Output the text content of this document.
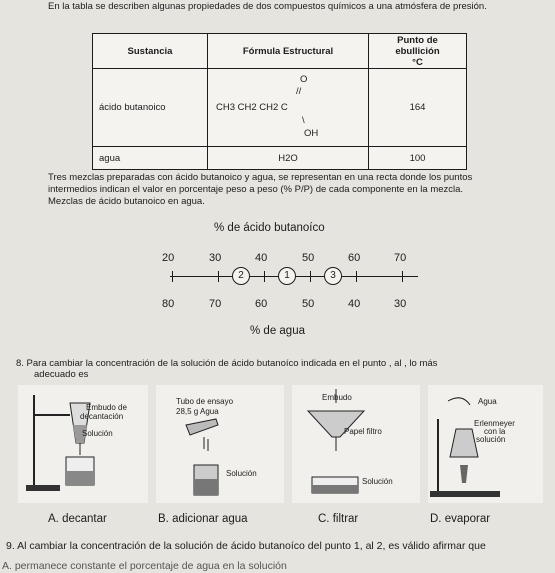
En la tabla se describen algunas propiedades de dos compuestos químicos a una atmósfera de presión.
Sustancia	Fórmula Estructural	Punto de ebullición
°C
ácido butanoico	O
//
CH3 CH2 CH2 C
\
OH	164
agua	H2O	100
Tres mezclas preparadas con ácido butanoico y agua, se representan en una recta donde los puntos
intermedios indican el valor en porcentaje peso a peso (% P/P) de cada componente en la mezcla.
Mezclas de ácido butanoico en agua.
% de ácido butanoíco
20	30	40	50	60	70
2	1	3
80	70	60	50	40	30
% de agua
8. Para cambiar la concentración de la solución de ácido butanoíco indicada en el punto , al , lo más
adecuado es
Embudo de
decantación
Solución
Tubo de ensayo
28,5 g Agua
Solución
Embudo
Papel filtro
Solución
Agua
Erlenmeyer
con la
solución
A. decantar	B. adicionar agua	C. filtrar	D. evaporar
9. Al cambiar la concentración de la solución de ácido butanoíco del punto 1, al 2, es válido afirmar que
A. permanece constante el porcentaje de agua en la solución
